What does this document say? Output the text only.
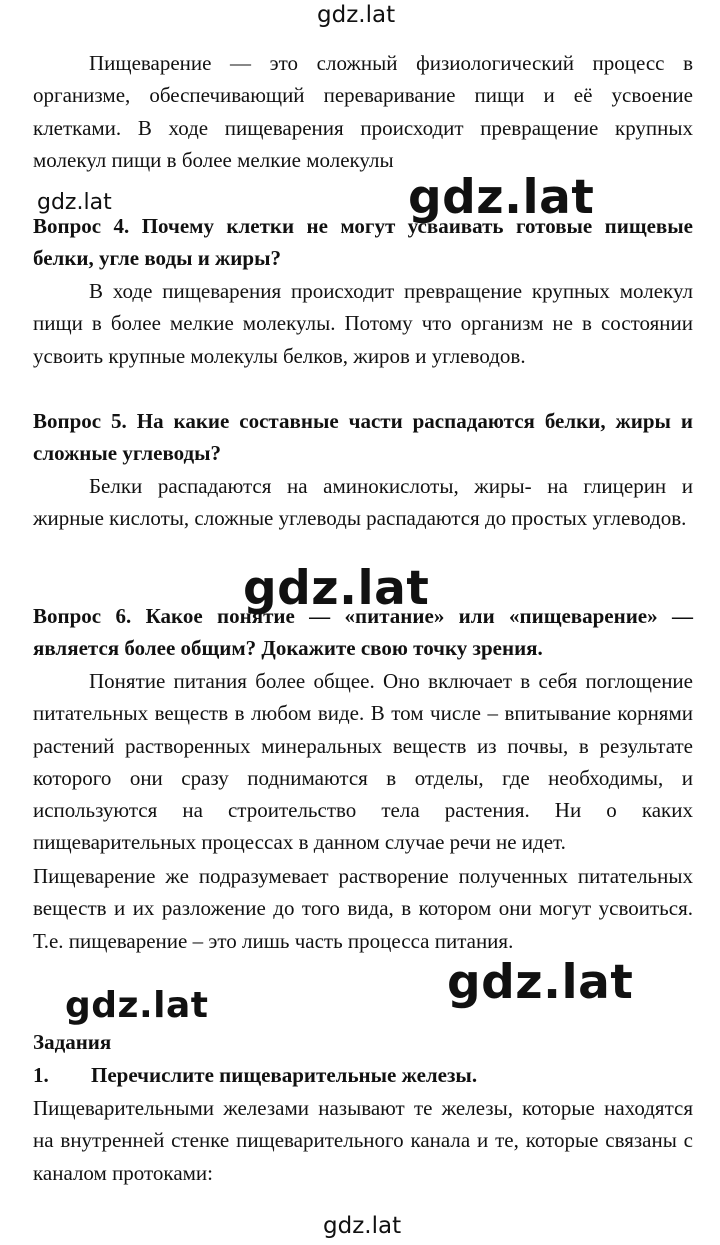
gdz.lat
Пищеварение — это сложный физиологический процесс в организме, обеспечивающий переваривание пищи и её усвоение клетками. В ходе пищеварения происходит превращение крупных молекул пищи в более мелкие молекулы
gdz.lat	gdz.lat
Вопрос 4. Почему клетки не могут усваивать готовые пищевые белки, угле воды и жиры?
В ходе пищеварения происходит превращение крупных молекул пищи в более мелкие молекулы. Потому что организм не в состоянии усвоить крупные молекулы белков, жиров и углеводов.
Вопрос 5. На какие составные части распадаются белки, жиры и сложные углеводы?
Белки распадаются на аминокислоты, жиры- на глицерин и жирные кислоты, сложные углеводы распадаются до простых углеводов.
gdz.lat
Вопрос 6. Какое понятие — «питание» или «пищеварение» — является более общим? Докажите свою точку зрения.
Понятие питания более общее. Оно включает в себя поглощение питательных веществ в любом виде. В том числе – впитывание корнями растений растворенных минеральных веществ из почвы, в результате которого они сразу поднимаются в отделы, где необходимы, и используются на строительство тела растения. Ни о каких пищеварительных процессах в данном случае речи не идет.
Пищеварение же подразумевает растворение полученных питательных веществ и их разложение до того вида, в котором они могут усвоиться. Т.е. пищеварение – это лишь часть процесса питания.
gdz.lat
gdz.lat
Задания
1. Перечислите пищеварительные железы.
Пищеварительными железами называют те железы, которые находятся на внутренней стенке пищеварительного канала и те, которые связаны с каналом протоками:
gdz.lat
